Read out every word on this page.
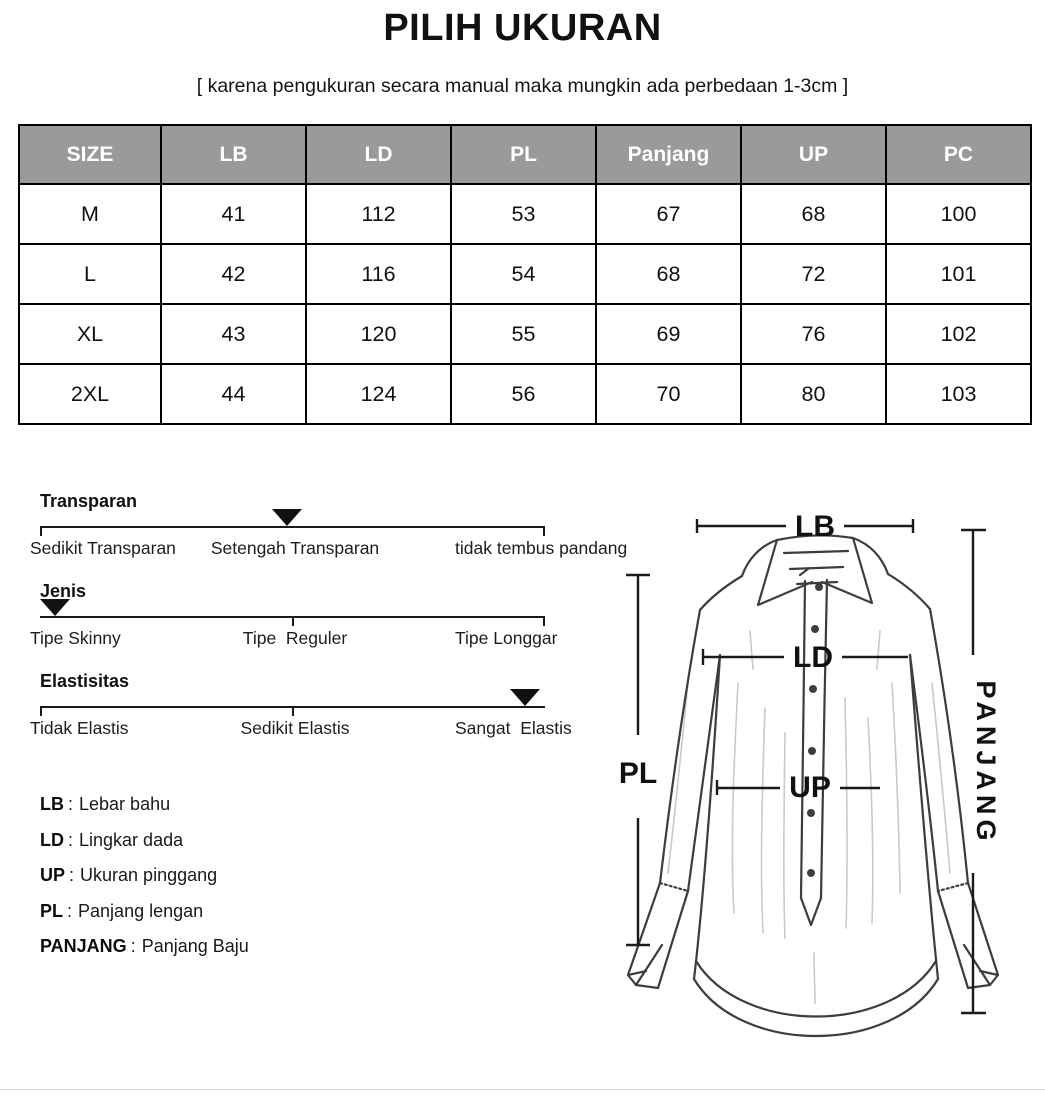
PILIH UKURAN

[ karena pengukuran secara manual maka mungkin ada perbedaan 1-3cm ]

SIZE	LB	LD	PL	Panjang	UP	PC
M	41	112	53	67	68	100
L	42	116	54	68	72	101
XL	43	120	55	69	76	102
2XL	44	124	56	70	80	103
Transparan
Sedikit Transparan Setengah Transparan	tidak tembus pandang
Jenis
Tipe Skinny	Tipe  Reguler	Tipe Longgar
Elastisitas
Tidak Elastis	Sedikit Elastis	Sangat  Elastis
LB : Lebar bahu
LD : Lingkar dada
UP : Ukuran pinggang
PL : Panjang lengan
PANJANG : Panjang Baju
LB
LD
UP
PL	PANJANG
